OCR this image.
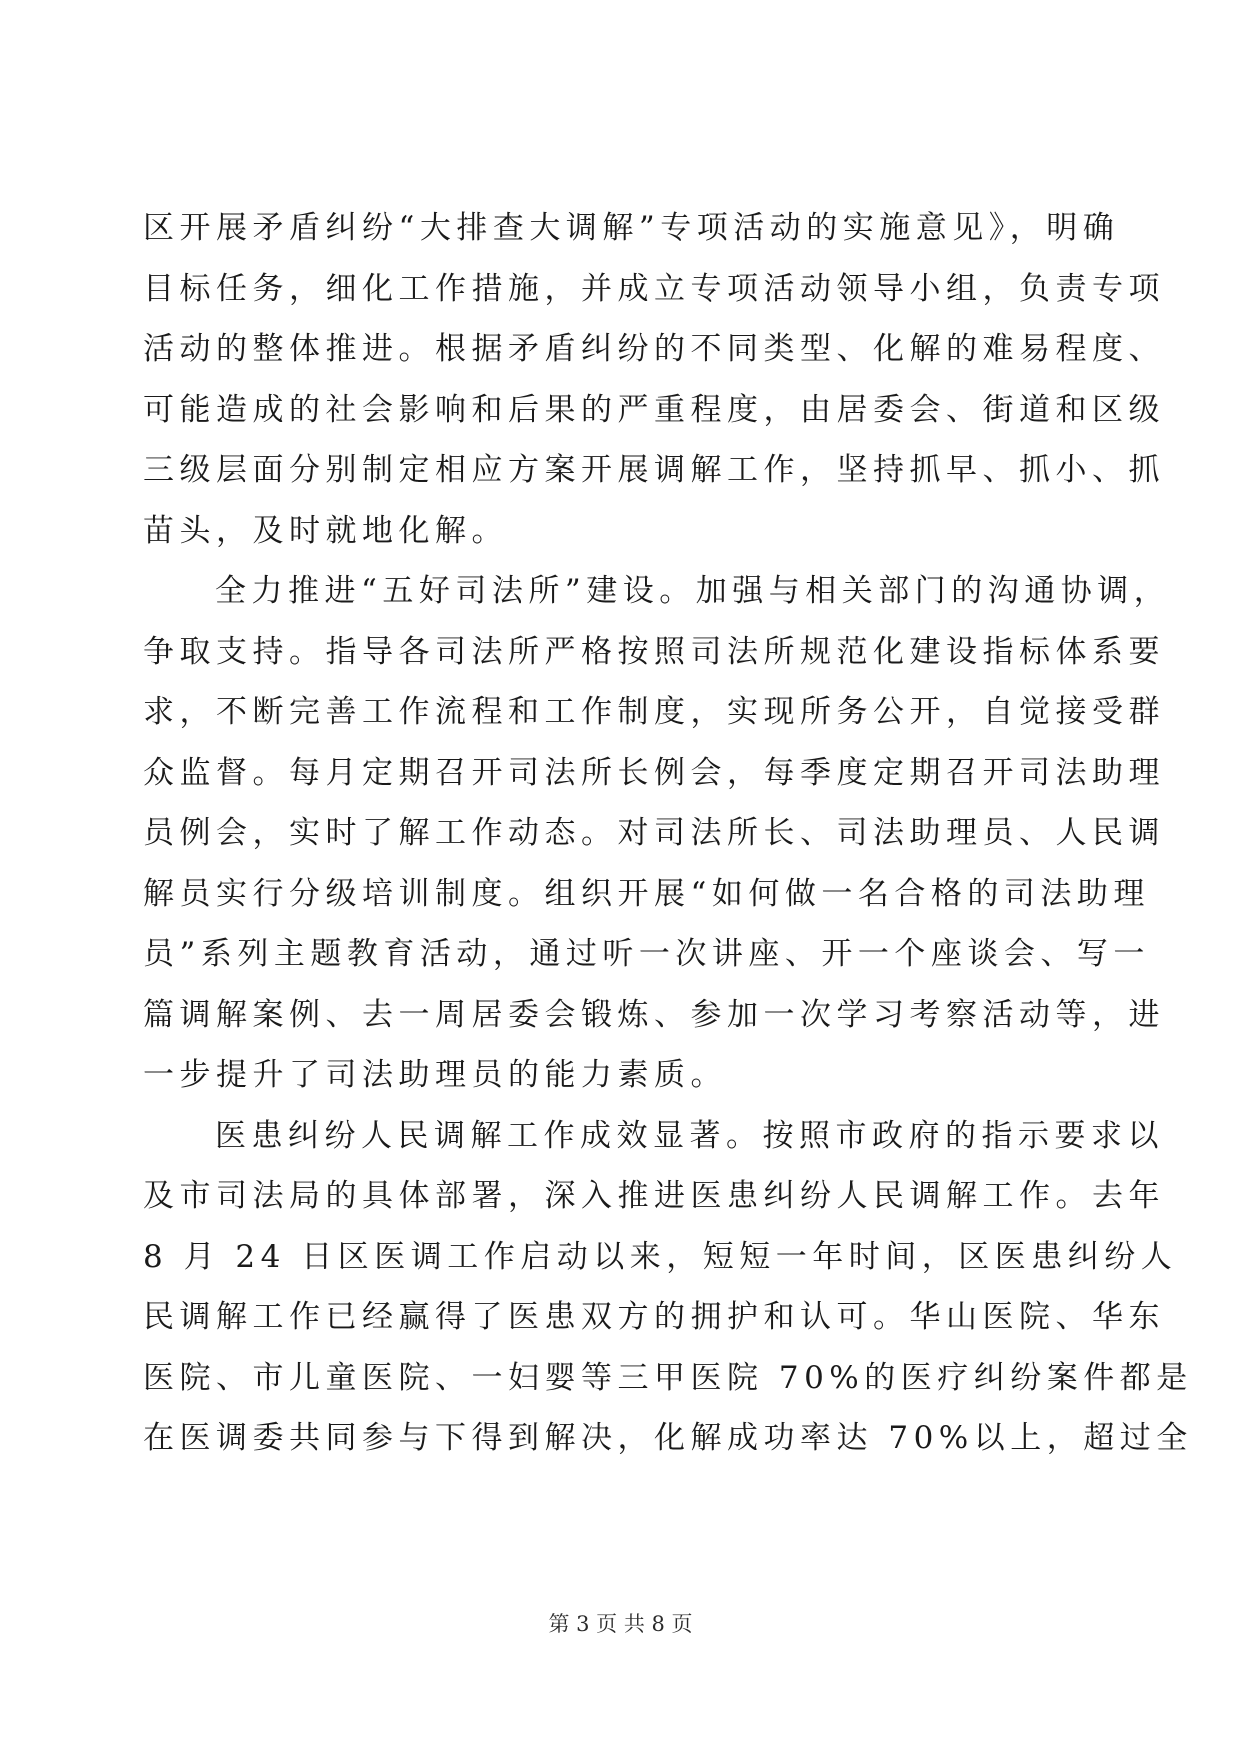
区开展矛盾纠纷“大排查大调解”专项活动的实施意见》，明确
目标任务，细化工作措施，并成立专项活动领导小组，负责专项
活动的整体推进。根据矛盾纠纷的不同类型、化解的难易程度、
可能造成的社会影响和后果的严重程度，由居委会、街道和区级
三级层面分别制定相应方案开展调解工作，坚持抓早、抓小、抓
苗头，及时就地化解。
全力推进“五好司法所”建设。加强与相关部门的沟通协调，
争取支持。指导各司法所严格按照司法所规范化建设指标体系要
求，不断完善工作流程和工作制度，实现所务公开，自觉接受群
众监督。每月定期召开司法所长例会，每季度定期召开司法助理
员例会，实时了解工作动态。对司法所长、司法助理员、人民调
解员实行分级培训制度。组织开展“如何做一名合格的司法助理
员”系列主题教育活动，通过听一次讲座、开一个座谈会、写一
篇调解案例、去一周居委会锻炼、参加一次学习考察活动等，进
一步提升了司法助理员的能力素质。
医患纠纷人民调解工作成效显著。按照市政府的指示要求以
及市司法局的具体部署，深入推进医患纠纷人民调解工作。去年
8 月 24 日区医调工作启动以来，短短一年时间，区医患纠纷人
民调解工作已经赢得了医患双方的拥护和认可。华山医院、华东
医院、市儿童医院、一妇婴等三甲医院 70%的医疗纠纷案件都是
在医调委共同参与下得到解决，化解成功率达 70%以上，超过全
第 3 页 共 8 页
